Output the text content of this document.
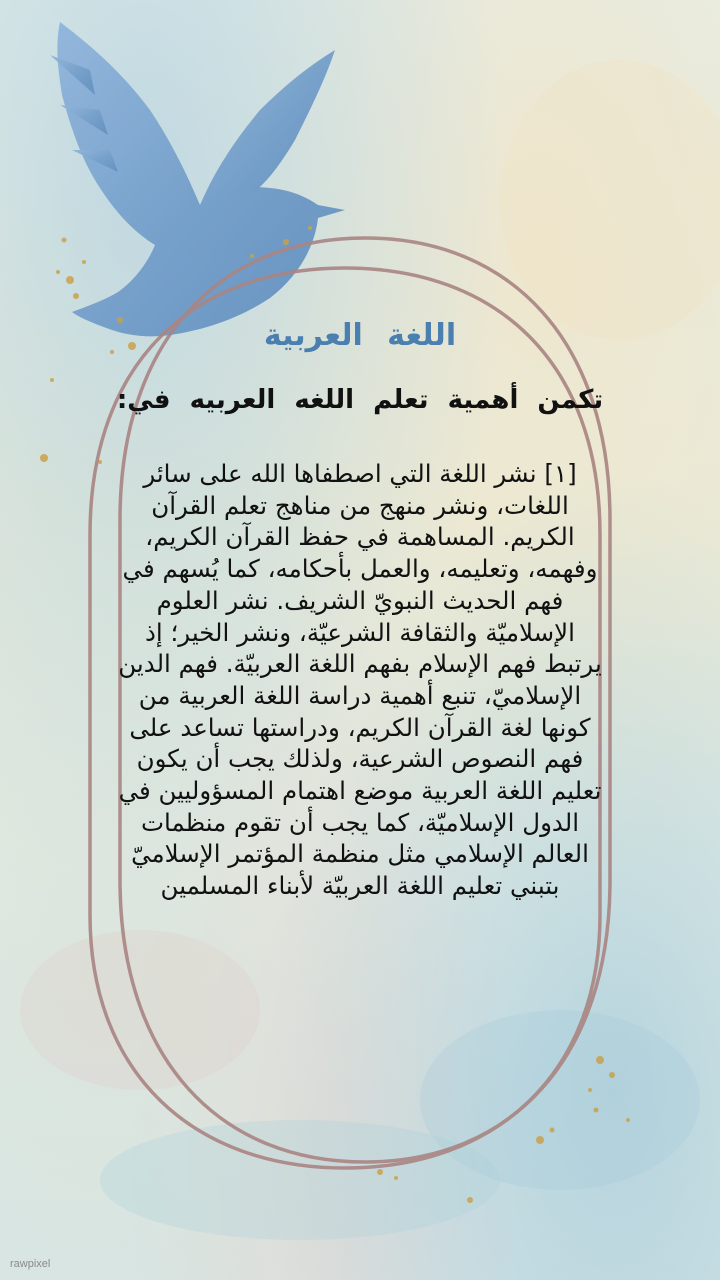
اللغة العربية
تكمن أهمية تعلم اللغه العربيه في:
[١] نشر اللغة التي اصطفاها الله على سائر اللغات، ونشر منهج من مناهج تعلم القرآن الكريم. المساهمة في حفظ القرآن الكريم، وفهمه، وتعليمه، والعمل بأحكامه، كما يُسهم في فهم الحديث النبويّ الشريف. نشر العلوم الإسلاميّة والثقافة الشرعيّة، ونشر الخير؛ إذ يرتبط فهم الإسلام بفهم اللغة العربيّة. فهم الدين الإسلاميّ، تنبع أهمية دراسة اللغة العربية من كونها لغة القرآن الكريم، ودراستها تساعد على فهم النصوص الشرعية، ولذلك يجب أن يكون تعليم اللغة العربية موضع اهتمام المسؤوليين في الدول الإسلاميّة، كما يجب أن تقوم منظمات العالم الإسلامي مثل منظمة المؤتمر الإسلاميّ بتبني تعليم اللغة العربيّة لأبناء المسلمين
rawpixel
